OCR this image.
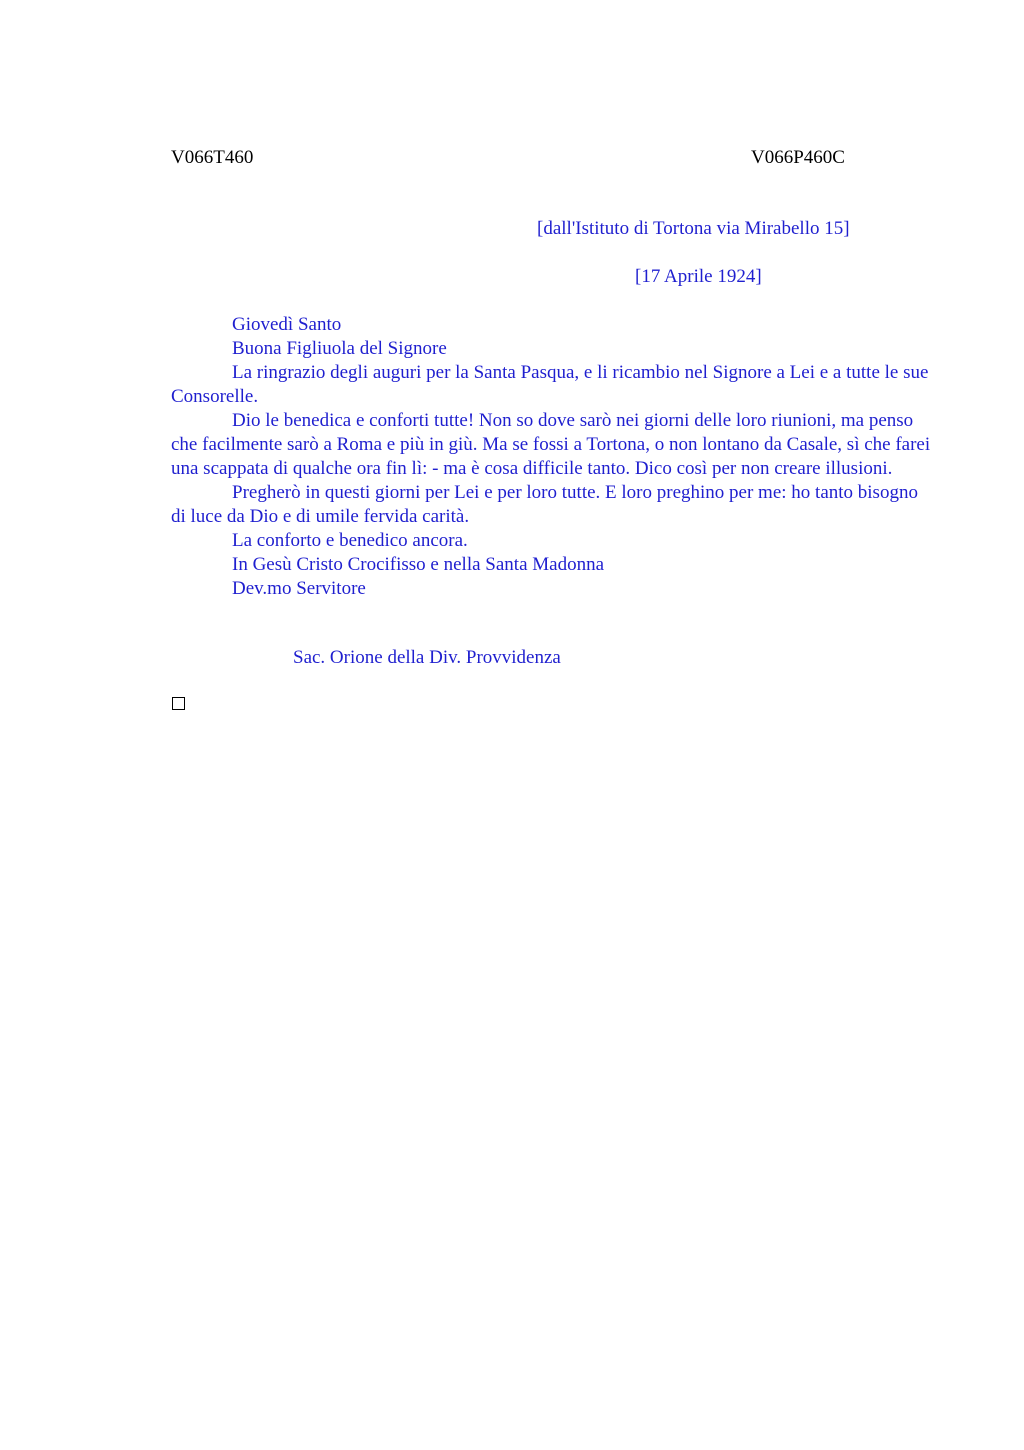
V066T460	V066P460C
[dall'Istituto di Tortona via Mirabello 15]
[17 Aprile 1924]

Giovedì Santo

Buona Figliuola del Signore

La ringrazio degli auguri per la Santa Pasqua, e li ricambio nel Signore a Lei e a tutte le sue Consorelle.

Dio le benedica e conforti tutte! Non so dove sarò nei giorni delle loro riunioni, ma penso che facilmente sarò a Roma e più in giù. Ma se fossi a Tortona, o non lontano da Casale, sì che farei una scappata di qualche ora fin lì: - ma è cosa difficile tanto. Dico così per non creare illusioni.

Pregherò in questi giorni per Lei e per loro tutte. E loro preghino per me: ho tanto bisogno di luce da Dio e di umile fervida carità.

La conforto e benedico ancora.

In Gesù Cristo Crocifisso e nella Santa Madonna

Dev.mo Servitore

Sac. Orione della Div. Provvidenza
